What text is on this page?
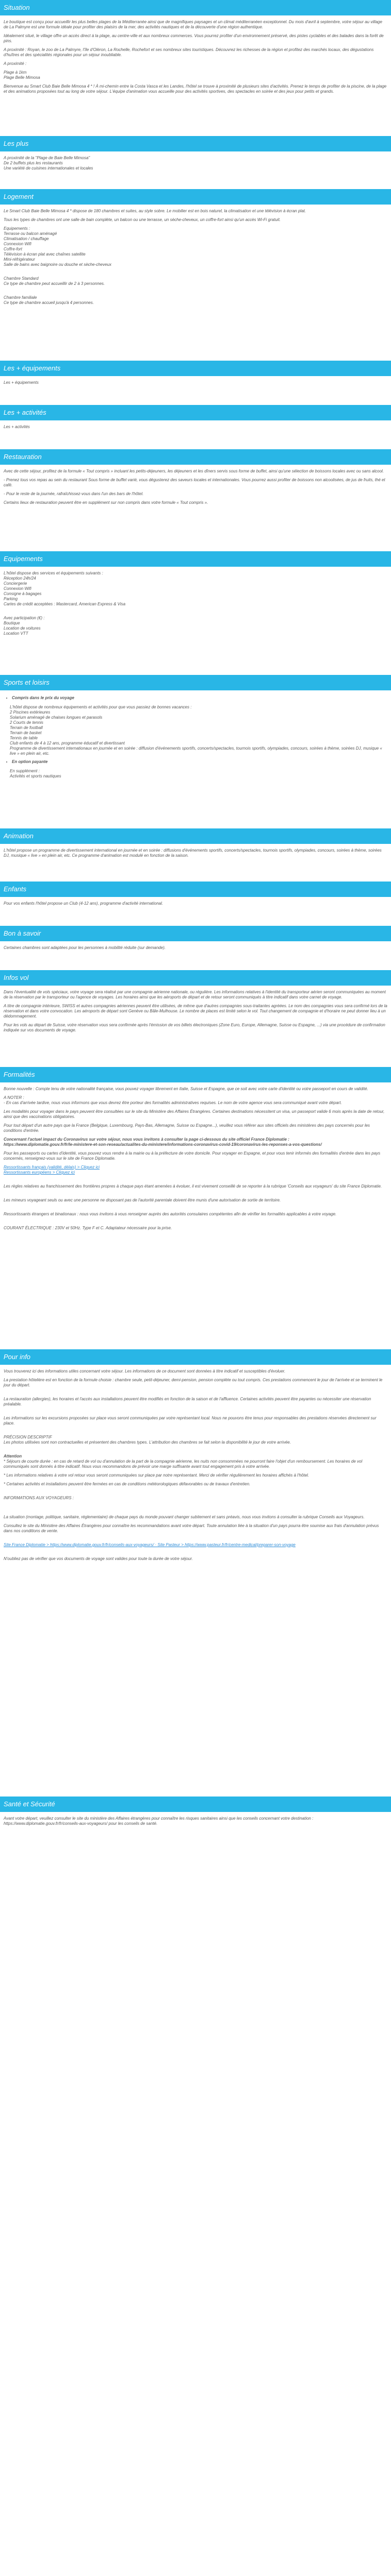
Situation

Le boutique est conçu pour accueillir les plus belles plages de la Méditerranée ainsi que de magnifiques paysages et un climat méditerranéen exceptionnel. Du mois d'avril à septembre, votre séjour au village de La Palmyre est une formule idéale pour profiter des plaisirs de la mer, des activités nautiques et de la découverte d'une région authentique.

Idéalement situé, le village offre un accès direct à la plage, au centre-ville et aux nombreux commerces. Vous pourrez profiter d'un environnement préservé, des pistes cyclables et des balades dans la forêt de pins.

A proximité : Royan, le zoo de La Palmyre, l'île d'Oléron, La Rochelle, Rochefort et ses nombreux sites touristiques. Découvrez les richesses de la région et profitez des marchés locaux, des dégustations d'huîtres et des spécialités régionales pour un séjour inoubliable.

A proximité :

Plage à 1km

Plage Belle Mimosa

Bienvenue au Smart Club Baie Belle Mimosa 4 * ! À mi-chemin entre la Costa Vasca et les Landes, l'hôtel se trouve à proximité de plusieurs sites d'activités. Prenez le temps de profiter de la piscine, de la plage et des animations proposées tout au long de votre séjour. L'équipe d'animation vous accueille pour des activités sportives, des spectacles en soirée et des jeux pour petits et grands.

Les plus

A proximité de la "Plage de Baie Belle Mimosa"

De 2 buffets plus les restaurants

Une variété de cuisines internationales et locales

Logement

Le Smart Club Baie Belle Mimosa 4 * dispose de 180 chambres et suites, au style sobre. Le mobilier est en bois naturel, la climatisation et une télévision à écran plat.

Tous les types de chambres ont une salle de bain complète, un balcon ou une terrasse, un sèche-cheveux, un coffre-fort ainsi qu'un accès Wi-Fi gratuit.

Equipements :

Terrasse ou balcon aménagé

Climatisation / chauffage

Connexion Wifi

Coffre-fort

Télévision à écran plat avec chaînes satellite

Mini-réfrigérateur

Salle de bains avec baignoire ou douche et sèche-cheveux

Chambre Standard

Ce type de chambre peut accueillir de 2 à 3 personnes.

Chambre familiale

Ce type de chambre accueil jusqu'à 4 personnes.

Les + équipements

Les + équipements

Les + activités

Les + activités

Restauration

Avec de cette séjour, profitez de la formule « Tout compris » incluant les petits-déjeuners, les déjeuners et les dîners servis sous forme de buffet, ainsi qu'une sélection de boissons locales avec ou sans alcool.

- Prenez tous vos repas au sein du restaurant Sous forme de buffet varié, vous dégusterez des saveurs locales et internationales. Vous pourrez aussi profiter de boissons non alcoolisées, de jus de fruits, thé et café.

- Pour le reste de la journée, rafraîchissez-vous dans l'un des bars de l'hôtel.

Certains lieux de restauration peuvent être en supplément sur non compris dans votre formule « Tout compris ».

Equipements

L'hôtel dispose des services et équipements suivants :

Réception 24h/24

Conciergerie

Connexion Wifi

Consigne à bagages

Parking

Cartes de crédit acceptées : Mastercard, American Express & Visa

Avec participation (€) :

Boutique

Location de voitures

Location VTT

Sports et loisirs
• Compris dans le prix du voyage

L'hôtel dispose de nombreux équipements et activités pour que vous passiez de bonnes vacances :

2 Piscines extérieures

Solarium aménagé de chaises longues et parasols

2 Courts de tennis

Terrain de football

Terrain de basket

Tennis de table

Club enfants de 4 à 12 ans, programme éducatif et divertissant

Programme de divertissement internationaux en journée et en soirée : diffusion d'événements sportifs, concerts/spectacles, tournois sportifs, olympiades, concours, soirées à thème, soirées DJ, musique « live » en plein air, etc.

• En option payante

En supplément :

Activités et sports nautiques

Animation

L'hôtel propose un programme de divertissement international en journée et en soirée : diffusions d'événements sportifs, concerts/spectacles, tournois sportifs, olympiades, concours, soirées à thème, soirées DJ, musique « live » en plein air, etc. Ce programme d'animation est modulé en fonction de la saison.

Enfants

Pour vos enfants l'hôtel propose un Club (4-12 ans), programme d'activité international.

Bon à savoir

Certaines chambres sont adaptées pour les personnes à mobilité réduite (sur demande).

Infos vol

Dans l'éventualité de vols spéciaux, votre voyage sera réalisé par une compagnie aérienne nationale, ou régulière. Les informations relatives à l'identité du transporteur aérien seront communiquées au moment de la réservation par le transporteur ou l'agence de voyages. Les horaires ainsi que les aéroports de départ et de retour seront communiqués à titre indicatif dans votre carnet de voyage.

A titre de compagnie intérieure, SWISS et autres compagnies aériennes peuvent être utilisées, de même que d'autres compagnies sous-traitantes agréées. Le nom des compagnies vous sera confirmé lors de la réservation et dans votre convocation. Les aéroports de départ sont Genève ou Bâle-Mulhouse. Le nombre de places est limité selon le vol. Tout changement de compagnie et d'horaire ne peut donner lieu à un dédommagement.

Pour les vols au départ de Suisse, votre réservation vous sera confirmée après l'émission de vos billets électroniques (Zone Euro, Europe, Allemagne, Suisse ou Espagne, ...) via une procédure de confirmation indiquée sur vos documents de voyage.

Formalités

Bonne nouvelle : Compte tenu de votre nationalité française, vous pouvez voyager librement en Italie, Suisse et Espagne, que ce soit avec votre carte d'identité ou votre passeport en cours de validité.

A NOTER :

- En cas d'arrivée tardive, nous vous informons que vous devrez être porteur des formalités administratives requises. Le nom de votre agence vous sera communiqué avant votre départ.

Les modalités pour voyager dans le pays peuvent être consultées sur le site du Ministère des Affaires Étrangères. Certaines destinations nécessitent un visa, un passeport valide 6 mois après la date de retour, ainsi que des vaccinations obligatoires.

Pour tout départ d'un autre pays que la France (Belgique, Luxembourg, Pays-Bas, Allemagne, Suisse ou Espagne...), veuillez vous référer aux sites officiels des ministères des pays concernés pour les conditions d'entrée.

Concernant l'actuel impact du Coronavirus sur votre séjour, nous vous invitons à consulter la page ci-dessous du site officiel France Diplomatie :

https://www.diplomatie.gouv.fr/fr/le-ministere-et-son-reseau/actualites-du-ministere/informations-coronavirus-covid-19/coronavirus-les-reponses-a-vos-questions/

Pour les passeports ou cartes d'identité, vous pouvez vous rendre à la mairie ou à la préfecture de votre domicile. Pour voyager en Espagne, et pour vous tenir informés des formalités d'entrée dans les pays concernés, renseignez-vous sur le site de France Diplomatie.

Ressortissants français (validité, délais) > Cliquez ici

Ressortissants européens > Cliquez ici

Les règles relatives au franchissement des frontières propres à chaque pays étant amenées à évoluer, il est vivement conseillé de se reporter à la rubrique 'Conseils aux voyageurs' du site France Diplomatie.

Les mineurs voyageant seuls ou avec une personne ne disposant pas de l'autorité parentale doivent être munis d'une autorisation de sortie de territoire.

Ressortissants étrangers et binationaux : nous vous invitons à vous renseigner auprès des autorités consulaires compétentes afin de vérifier les formalités applicables à votre voyage.

COURANT ÉLECTRIQUE : 230V et 50Hz. Type F et C. Adaptateur nécessaire pour la prise.

Pour info

Vous trouverez ici des informations utiles concernant votre séjour. Les informations de ce document sont données à titre indicatif et susceptibles d'évoluer.

La prestation hôtelière est en fonction de la formule choisie : chambre seule, petit-déjeuner, demi-pension, pension complète ou tout compris. Ces prestations commencent le jour de l'arrivée et se terminent le jour du départ.

La restauration (allergies), les horaires et l'accès aux installations peuvent être modifiés en fonction de la saison et de l'affluence. Certaines activités peuvent être payantes ou nécessiter une réservation préalable.

Les informations sur les excursions proposées sur place vous seront communiquées par votre représentant local. Nous ne pouvons être tenus pour responsables des prestations réservées directement sur place.

PRÉCISION DESCRIPTIF

Les photos utilisées sont non contractuelles et présentent des chambres types. L'attribution des chambres se fait selon la disponibilité le jour de votre arrivée.

Attention

* Séjours de courte durée : en cas de retard de vol ou d'annulation de la part de la compagnie aérienne, les nuits non consommées ne pourront faire l'objet d'un remboursement. Les horaires de vol communiqués sont donnés à titre indicatif. Nous vous recommandons de prévoir une marge suffisante avant tout engagement pris à votre arrivée.

* Les informations relatives à votre vol retour vous seront communiquées sur place par notre représentant. Merci de vérifier régulièrement les horaires affichés à l'hôtel.

* Certaines activités et installations peuvent être fermées en cas de conditions météorologiques défavorables ou de travaux d'entretien.

INFORMATIONS AUX VOYAGEURS :

La situation (montage, politique, sanitaire, réglementaire) de chaque pays du monde pouvant changer subitement et sans préavis, nous vous invitons à consulter la rubrique Conseils aux Voyageurs.

Consultez le site du Ministère des Affaires Étrangères pour connaître les recommandations avant votre départ. Toute annulation liée à la situation d'un pays pourra être soumise aux frais d'annulation prévus dans nos conditions de vente.

Site France Diplomatie > https://www.diplomatie.gouv.fr/fr/conseils-aux-voyageurs/ · Site Pasteur > https://www.pasteur.fr/fr/centre-medical/preparer-son-voyage

N'oubliez pas de vérifier que vos documents de voyage sont valides pour toute la durée de votre séjour.

Santé et Sécurité

Avant votre départ, veuillez consulter le site du ministère des Affaires étrangères pour connaître les risques sanitaires ainsi que les conseils concernant votre destination : https://www.diplomatie.gouv.fr/fr/conseils-aux-voyageurs/ pour les conseils de santé.
